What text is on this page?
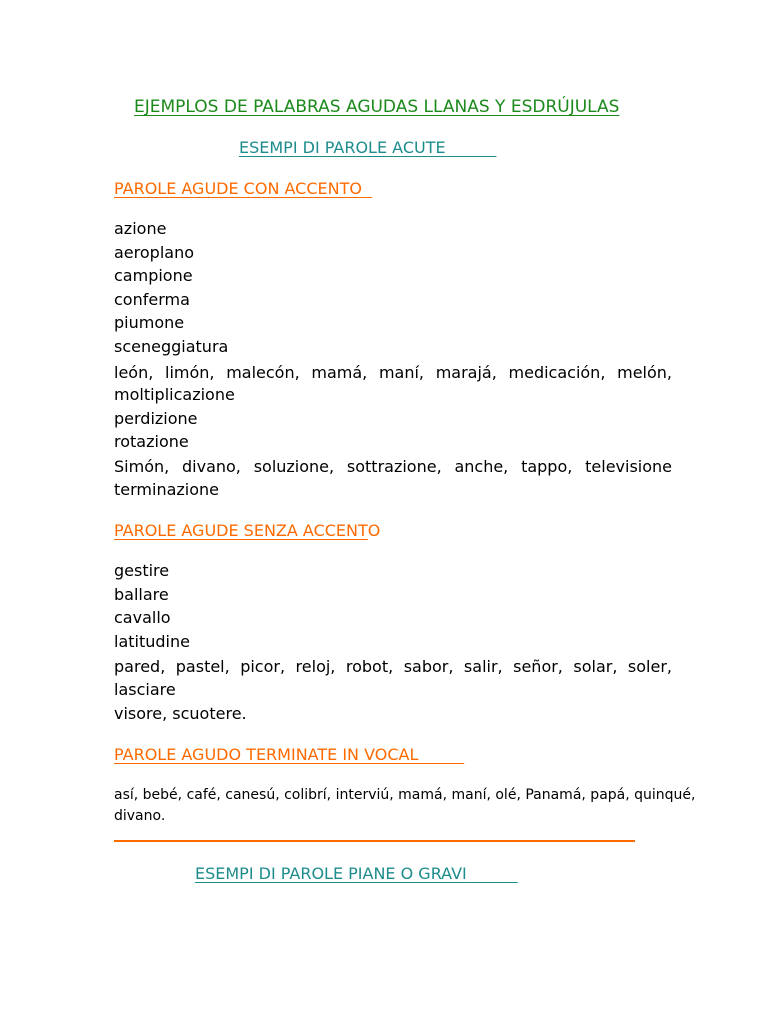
EJEMPLOS DE PALABRAS AGUDAS LLANAS Y ESDRÚJULAS
ESEMPI DI PAROLE ACUTE
PAROLE AGUDE CON ACCENTO
azione
aeroplano
campione
conferma
piumone
sceneggiatura
león, limón, malecón, mamá, maní, marajá, medicación, melón,
moltiplicazione
perdizione
rotazione
Simón, divano, soluzione, sottrazione, anche, tappo, televisione
terminazione
PAROLE AGUDE SENZA ACCENTO
gestire
ballare
cavallo
latitudine
pared, pastel, picor, reloj, robot, sabor, salir, señor, solar, soler,
lasciare
visore, scuotere.
PAROLE AGUDO TERMINATE IN VOCAL
así, bebé, café, canesú, colibrí, interviú, mamá, maní, olé, Panamá, papá, quinqué,
divano.
ESEMPI DI PAROLE PIANE O GRAVI
